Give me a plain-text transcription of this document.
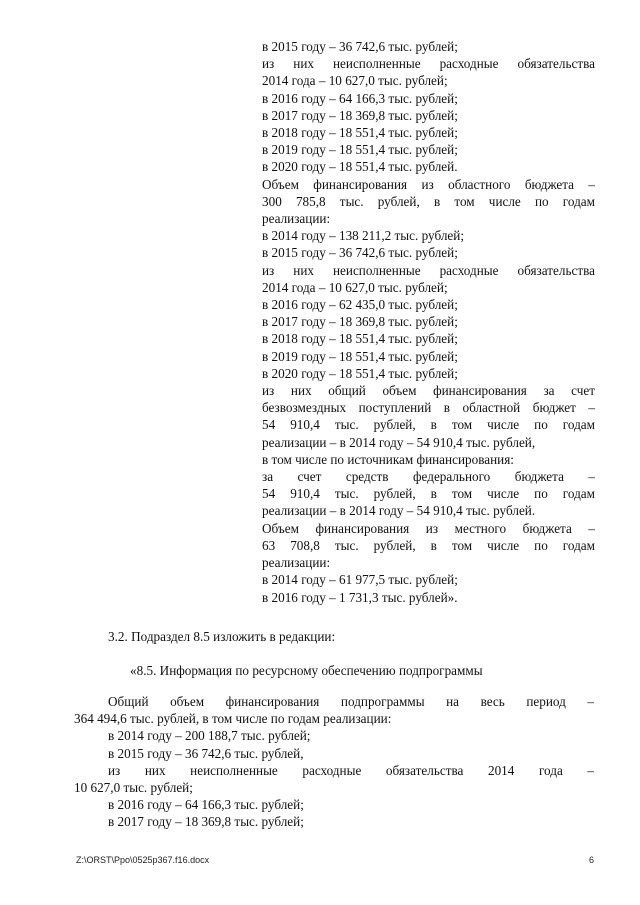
в 2015 году – 36 742,6 тыс. рублей;
из них неисполненные расходные обязательства
2014 года – 10 627,0 тыс. рублей;
в 2016 году – 64 166,3 тыс. рублей;
в 2017 году – 18 369,8 тыс. рублей;
в 2018 году – 18 551,4 тыс. рублей;
в 2019 году – 18 551,4 тыс. рублей;
в 2020 году – 18 551,4 тыс. рублей.
Объем финансирования из областного бюджета –
300 785,8 тыс. рублей, в том числе по годам
реализации:
в 2014 году – 138 211,2 тыс. рублей;
в 2015 году – 36 742,6 тыс. рублей;
из них неисполненные расходные обязательства
2014 года – 10 627,0 тыс. рублей;
в 2016 году – 62 435,0 тыс. рублей;
в 2017 году – 18 369,8 тыс. рублей;
в 2018 году – 18 551,4 тыс. рублей;
в 2019 году – 18 551,4 тыс. рублей;
в 2020 году – 18 551,4 тыс. рублей;
из них общий объем финансирования за счет
безвозмездных поступлений в областной бюджет –
54 910,4 тыс. рублей, в том числе по годам
реализации – в 2014 году – 54 910,4 тыс. рублей,
в том числе по источникам финансирования:
за счет средств федерального бюджета –
54 910,4 тыс. рублей, в том числе по годам
реализации – в 2014 году – 54 910,4 тыс. рублей.
Объем финансирования из местного бюджета –
63 708,8 тыс. рублей, в том числе по годам
реализации:
в 2014 году – 61 977,5 тыс. рублей;
в 2016 году – 1 731,3 тыс. рублей».
3.2. Подраздел 8.5 изложить в редакции:
«8.5. Информация по ресурсному обеспечению подпрограммы
Общий объем финансирования подпрограммы на весь период –
364 494,6 тыс. рублей, в том числе по годам реализации:
в 2014 году – 200 188,7 тыс. рублей;
в 2015 году – 36 742,6 тыс. рублей,
из них неисполненные расходные обязательства 2014 года –
10 627,0 тыс. рублей;
в 2016 году – 64 166,3 тыс. рублей;
в 2017 году – 18 369,8 тыс. рублей;
Z:\ORST\Ppo\0525p367.f16.docx	6
